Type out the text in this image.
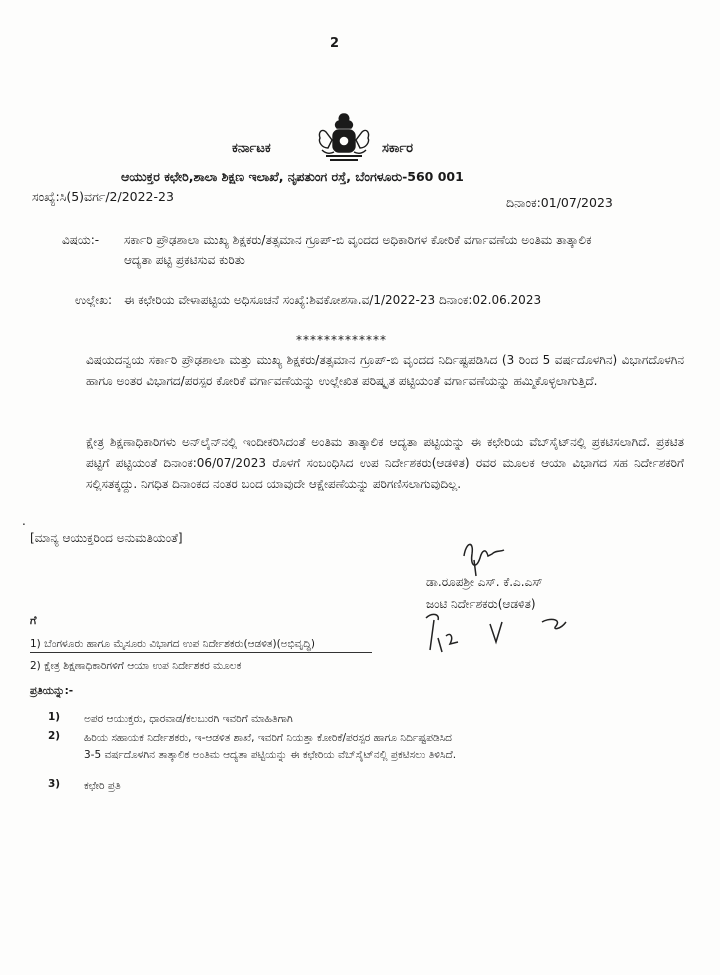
2
ಕರ್ನಾಟಕ	ಸರ್ಕಾರ
ಆಯುಕ್ತರ ಕಛೇರಿ,ಶಾಲಾ ಶಿಕ್ಷಣ ಇಲಾಖೆ, ನೃಪತುಂಗ ರಸ್ತೆ, ಬೆಂಗಳೂರು-560 001
ಸಂಖ್ಯೆ:ಸಿ(5)ವರ್ಗ/2/2022-23	ದಿನಾಂಕ:01/07/2023
ವಿಷಯ:- ಸರ್ಕಾರಿ ಪ್ರೌಢಶಾಲಾ ಮುಖ್ಯ ಶಿಕ್ಷಕರು/ತತ್ಸಮಾನ ಗ್ರೂಪ್-ಬಿ ವೃಂದದ ಅಧಿಕಾರಿಗಳ ಕೋರಿಕೆ ವರ್ಗಾವಣೆಯ ಅಂತಿಮ ತಾತ್ಕಾಲಿಕ ಆದ್ಯತಾ ಪಟ್ಟಿ ಪ್ರಕಟಿಸುವ ಕುರಿತು
ಉಲ್ಲೇಖ: ಈ ಕಛೇರಿಯ ವೇಳಾಪಟ್ಟಿಯ ಅಧಿಸೂಚನೆ ಸಂಖ್ಯೆ:ಶಿವಕೋಶಸಾ.ವ/1/2022-23 ದಿನಾಂಕ:02.06.2023
*************
ವಿಷಯದನ್ವಯ ಸರ್ಕಾರಿ ಪ್ರೌಢಶಾಲಾ ಮತ್ತು ಮುಖ್ಯ ಶಿಕ್ಷಕರು/ತತ್ಸಮಾನ ಗ್ರೂಪ್-ಬಿ ವೃಂದದ ನಿರ್ದಿಷ್ಟಪಡಿಸಿದ (3 ರಿಂದ 5 ವರ್ಷದೊಳಗಿನ) ವಿಭಾಗದೊಳಗಿನ ಹಾಗೂ ಅಂತರ ವಿಭಾಗದ/ಪರಸ್ಪರ ಕೋರಿಕೆ ವರ್ಗಾವಣೆಯನ್ನು ಉಲ್ಲೇಖಿತ ಪರಿಷ್ಕೃತ ಪಟ್ಟಿಯಂತೆ ವರ್ಗಾವಣೆಯನ್ನು ಹಮ್ಮಿಕೊಳ್ಳಲಾಗುತ್ತಿದೆ.
ಕ್ಷೇತ್ರ ಶಿಕ್ಷಣಾಧಿಕಾರಿಗಳು ಅನ್‌ಲೈನ್‌ನಲ್ಲಿ ಇಂದೀಕರಿಸಿದಂತೆ ಅಂತಿಮ ತಾತ್ಕಾಲಿಕ ಆದ್ಯತಾ ಪಟ್ಟಿಯನ್ನು ಈ ಕಛೇರಿಯ ವೆಬ್‌ಸೈಟ್‌ನಲ್ಲಿ ಪ್ರಕಟಿಸಲಾಗಿದೆ. ಪ್ರಕಟಿತ ಪಟ್ಟಿಗೆ ಪಟ್ಟಿಯಂತೆ ದಿನಾಂಕ:06/07/2023 ರೊಳಗೆ ಸಂಬಂಧಿಸಿದ ಉಪ ನಿರ್ದೇಶಕರು(ಆಡಳಿತ) ರವರ ಮೂಲಕ ಆಯಾ ವಿಭಾಗದ ಸಹ ನಿರ್ದೇಶಕರಿಗೆ ಸಲ್ಲಿಸತಕ್ಕದ್ದು. ನಿಗಧಿತ ದಿನಾಂಕದ ನಂತರ ಬಂದ ಯಾವುದೇ ಆಕ್ಷೇಪಣೆಯನ್ನು ಪರಿಗಣಿಸಲಾಗುವುದಿಲ್ಲ.
.
[ಮಾನ್ಯ ಆಯುಕ್ತರಿಂದ ಅನುಮತಿಯಂತೆ]
ಡಾ.ರೂಪಶ್ರೀ ಎಸ್. ಕೆ.ಎ.ಎಸ್
ಜಂಟಿ ನಿರ್ದೇಶಕರು(ಆಡಳಿತ)
ಗೆ
1) ಬೆಂಗಳೂರು ಹಾಗೂ ಮೈಸೂರು ವಿಭಾಗದ ಉಪ ನಿರ್ದೇಶಕರು(ಆಡಳಿತ)(ಅಭಿವೃದ್ಧಿ)
2) ಕ್ಷೇತ್ರ ಶಿಕ್ಷಣಾಧಿಕಾರಿಗಳಿಗೆ ಆಯಾ ಉಪ ನಿರ್ದೇಶಕರ ಮೂಲಕ
ಪ್ರತಿಯನ್ನು:-
1) ಅಪರ ಆಯುಕ್ತರು, ಧಾರವಾಡ/ಕಲಬುರಗಿ ಇವರಿಗೆ ಮಾಹಿತಿಗಾಗಿ
2) ಹಿರಿಯ ಸಹಾಯಕ ನಿರ್ದೇಶಕರು, ಇ-ಆಡಳಿತ ಶಾಖೆ, ಇವರಿಗೆ ನಿಯತ್ತಾ ಕೋರಿಕೆ/ಪರಸ್ಪರ ಹಾಗೂ ನಿರ್ದಿಷ್ಟಪಡಿಸಿದ 3-5 ವರ್ಷದೊಳಗಿನ ತಾತ್ಕಾಲಿಕ ಅಂತಿಮ ಆದ್ಯತಾ ಪಟ್ಟಿಯನ್ನು ಈ ಕಛೇರಿಯ ವೆಬ್‌ಸೈಟ್‌ನಲ್ಲಿ ಪ್ರಕಟಿಸಲು ತಿಳಿಸಿದೆ.
3) ಕಛೇರಿ ಪ್ರತಿ
